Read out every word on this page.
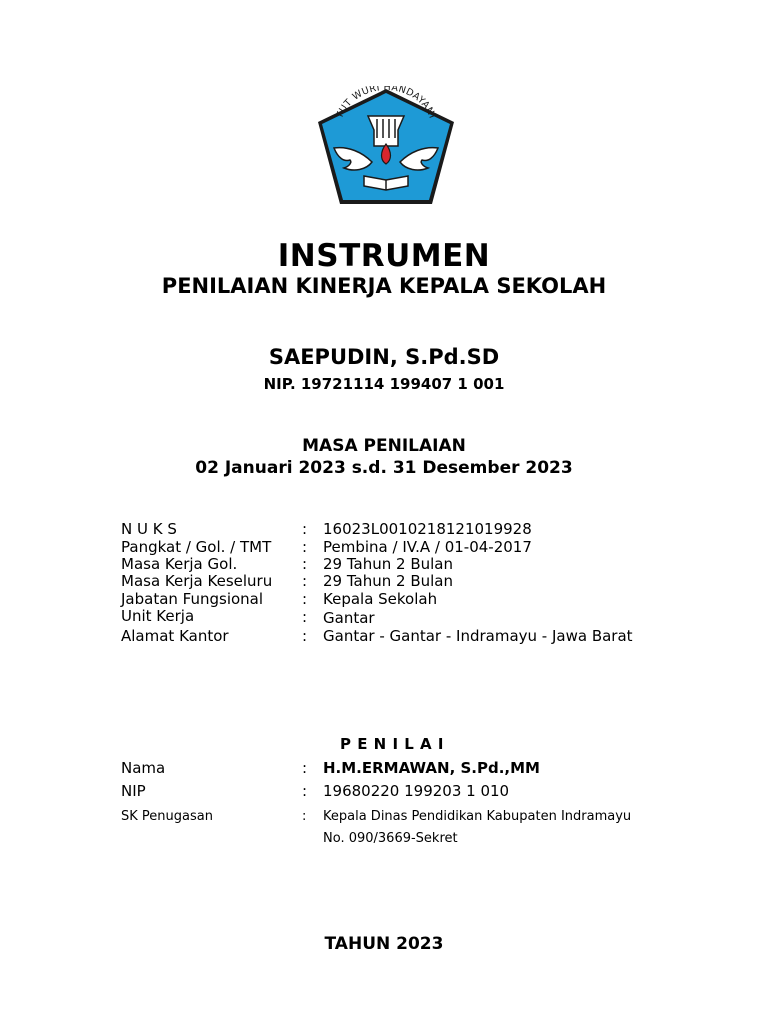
TUT WURI HANDAYANI
INSTRUMEN
PENILAIAN KINERJA KEPALA SEKOLAH
SAEPUDIN, S.Pd.SD
NIP. 19721114 199407 1 001
MASA PENILAIAN
02 Januari 2023 s.d. 31 Desember 2023
N U K S	: 16023L0010218121019928
Pangkat / Gol. / TMT : Pembina / IV.A / 01-04-2017
Masa Kerja Gol.	: 29 Tahun 2 Bulan
Masa Kerja Keseluru : 29 Tahun 2 Bulan
Jabatan Fungsional	: Kepala Sekolah
Unit Kerja	: Gantar
Alamat Kantor	: Gantar - Gantar - Indramayu - Jawa Barat
P E N I L A I
Nama	: H.M.ERMAWAN, S.Pd.,MM
NIP	: 19680220 199203 1 010
SK Penugasan	: Kepala Dinas Pendidikan Kabupaten Indramayu
No. 090/3669-Sekret
TAHUN 2023
